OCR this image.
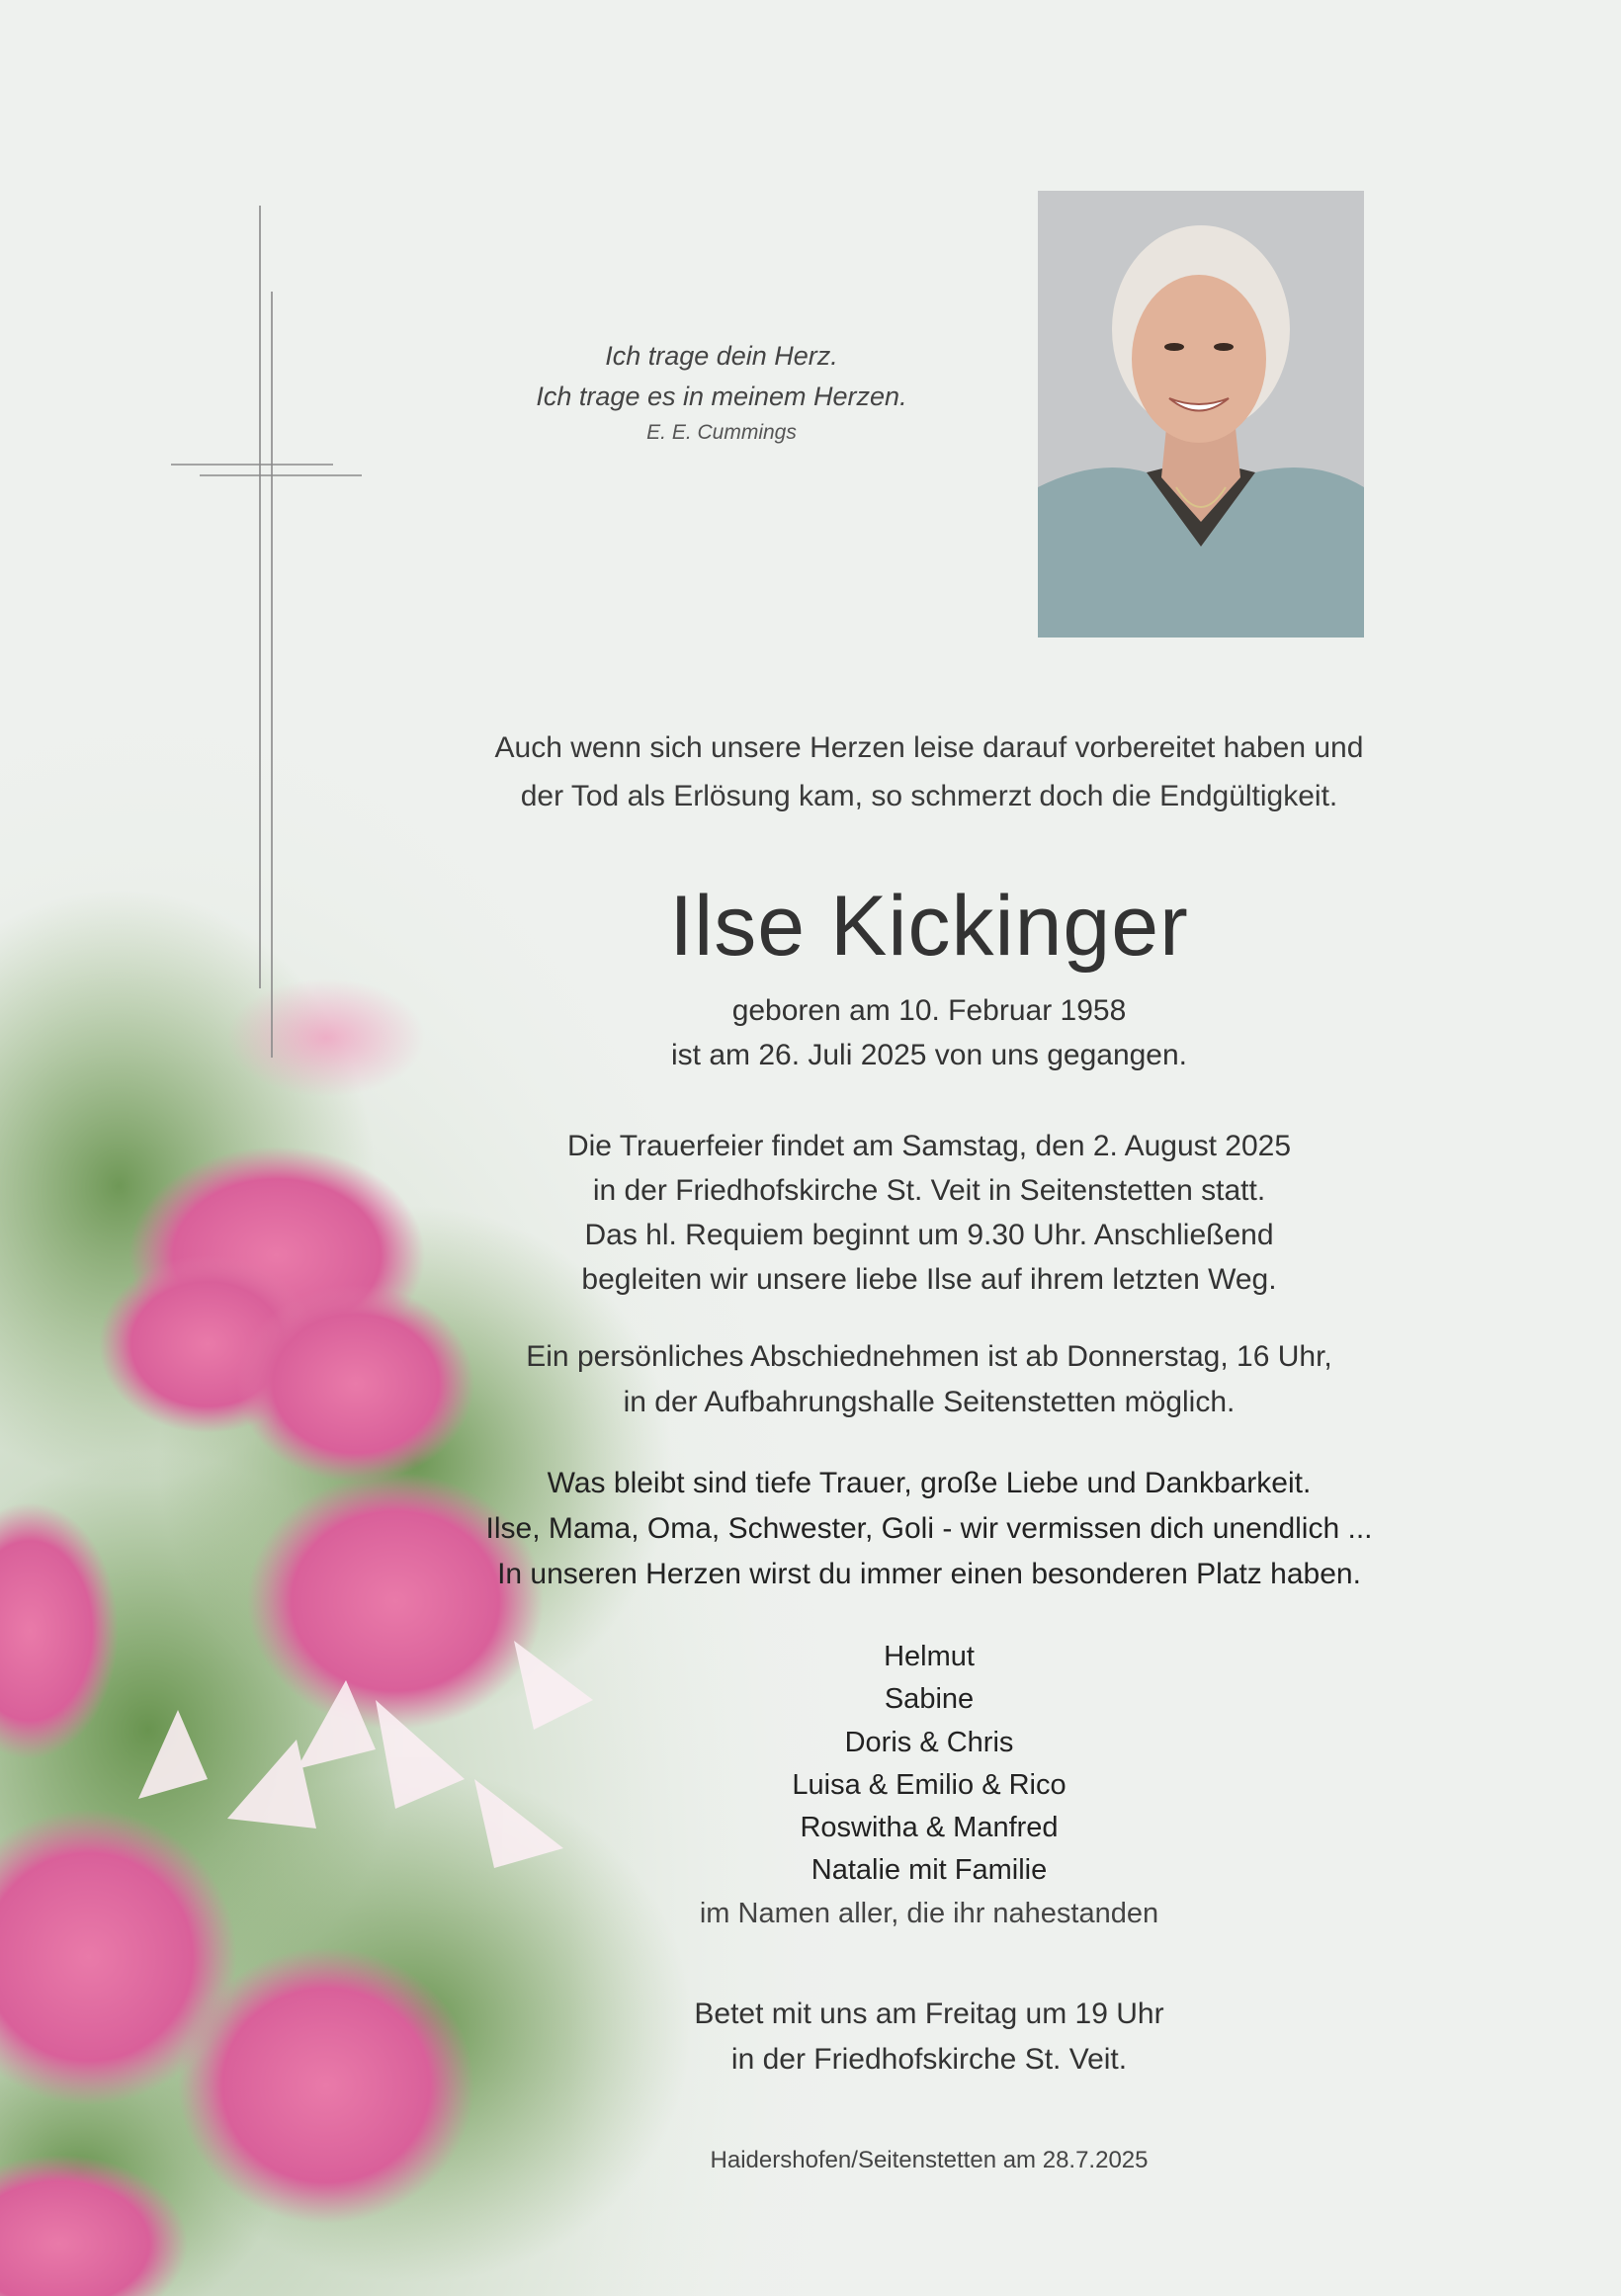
Ich trage dein Herz.
Ich trage es in meinem Herzen.
E. E. Cummings
Auch wenn sich unsere Herzen leise darauf vorbereitet haben und
der Tod als Erlösung kam, so schmerzt doch die Endgültigkeit.
Ilse Kickinger
geboren am 10. Februar 1958
ist am 26. Juli 2025 von uns gegangen.
Die Trauerfeier findet am Samstag, den 2. August 2025
in der Friedhofskirche St. Veit in Seitenstetten statt.
Das hl. Requiem beginnt um 9.30 Uhr. Anschließend
begleiten wir unsere liebe Ilse auf ihrem letzten Weg.
Ein persönliches Abschiednehmen ist ab Donnerstag, 16 Uhr,
in der Aufbahrungshalle Seitenstetten möglich.
Was bleibt sind tiefe Trauer, große Liebe und Dankbarkeit.
Ilse, Mama, Oma, Schwester, Goli - wir vermissen dich unendlich ...
In unseren Herzen wirst du immer einen besonderen Platz haben.
Helmut
Sabine
Doris & Chris
Luisa & Emilio & Rico
Roswitha & Manfred
Natalie mit Familie
im Namen aller, die ihr nahestanden
Betet mit uns am Freitag um 19 Uhr
in der Friedhofskirche St. Veit.
Haidershofen/Seitenstetten am 28.7.2025
